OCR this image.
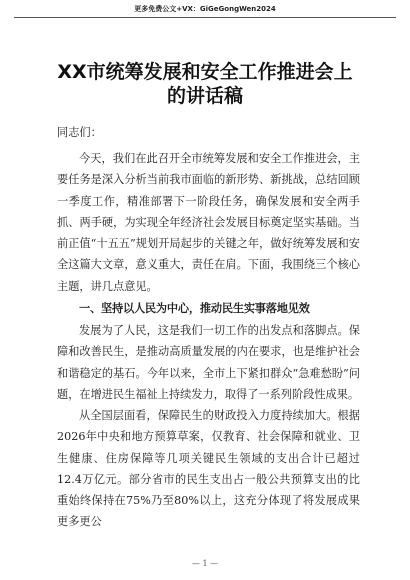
更多免费公文+VX：GiGeGongWen2024
XX市统筹发展和安全工作推进会上的讲话稿
同志们：
今天，我们在此召开全市统筹发展和安全工作推进会，主要任务是深入分析当前我市面临的新形势、新挑战，总结回顾一季度工作，精准部署下一阶段任务，确保发展和安全两手抓、两手硬，为实现全年经济社会发展目标奠定坚实基础。当前正值“十五五”规划开局起步的关键之年，做好统筹发展和安全这篇大文章，意义重大，责任在肩。下面，我围绕三个核心主题，讲几点意见。
一、坚持以人民为中心，推动民生实事落地见效
发展为了人民，这是我们一切工作的出发点和落脚点。保障和改善民生，是推动高质量发展的内在要求，也是维护社会和谐稳定的基石。今年以来，全市上下紧扣群众“急难愁盼”问题，在增进民生福祉上持续发力，取得了一系列阶段性成果。
从全国层面看，保障民生的财政投入力度持续加大。根据2026年中央和地方预算草案，仅教育、社会保障和就业、卫生健康、住房保障等几项关键民生领域的支出合计已超过12.4万亿元。部分省市的民生支出占一般公共预算支出的比重始终保持在75%乃至80%以上，这充分体现了将发展成果更多更公
— 1 —
